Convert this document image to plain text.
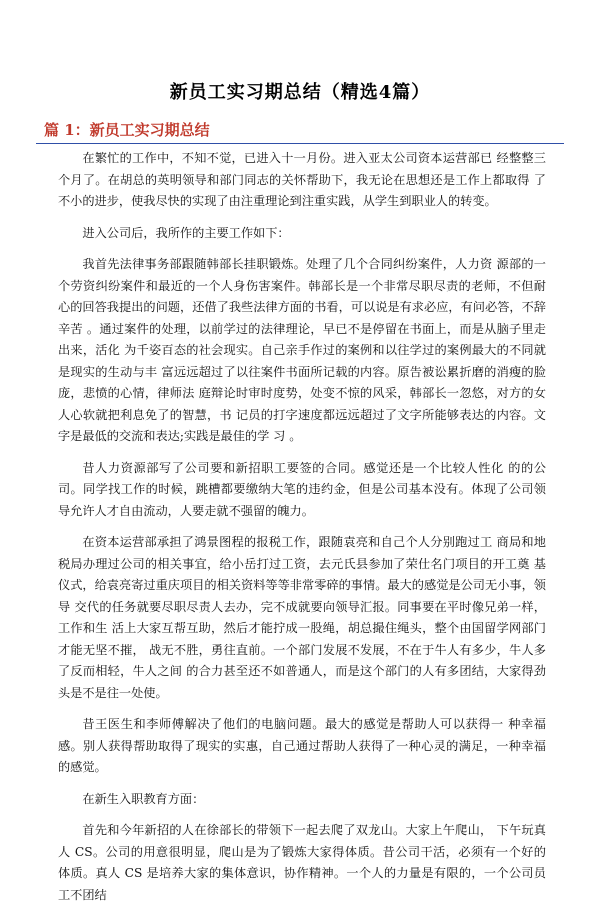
新员工实习期总结（精选4篇）
篇 1：新员工实习期总结

在繁忙的工作中，不知不觉，已进入十一月份。进入亚太公司资本运营部已 经整整三个月了。在胡总的英明领导和部门同志的关怀帮助下，我无论在思想还是工作上都取得 了不小的进步，使我尽快的实现了由注重理论到注重实践，从学生到职业人的转变。

进入公司后，我所作的主要工作如下：

我首先法律事务部跟随韩部长挂职锻炼。处理了几个合同纠纷案件，人力资 源部的一个劳资纠纷案件和最近的一个人身伤害案件。韩部长是一个非常尽职尽责的老师，不但耐 心的回答我提出的问题，还借了我些法律方面的书看，可以说是有求必应，有问必答，不辞辛苦 。通过案件的处理，以前学过的法律理论，早已不是停留在书面上，而是从脑子里走出来，活化 为千姿百态的社会现实。自己亲手作过的案例和以往学过的案例最大的不同就是现实的生动与丰 富远远超过了以往案件书面所记载的内容。原告被讼累折磨的消瘦的脸庞，悲愤的心情，律师法 庭辩论时审时度势，处变不惊的风采，韩部长一忽悠，对方的女人心软就把利息免了的智慧，书 记员的打字速度都远远超过了文字所能够表达的内容。文字是最低的交流和表达;实践是最佳的学 习 。

昔人力资源部写了公司要和新招职工要签的合同。感觉还是一个比较人性化 的的公司。同学找工作的时候，跳槽都要缴纳大笔的违约金，但是公司基本没有。体现了公司领 导允许人才自由流动，人要走就不强留的魄力。

在资本运营部承担了鸿景图程的报税工作，跟随袁亮和自己个人分别跑过工 商局和地税局办理过公司的相关事宜，给小岳打过工资，去元氏县参加了荣仕名门项目的开工奠 基仪式，给袁亮寄过重庆项目的相关资料等等非常零碎的事情。最大的感觉是公司无小事，领导 交代的任务就要尽职尽责人去办，完不成就要向领导汇报。同事要在平时像兄弟一样，工作和生 活上大家互帮互助，然后才能拧成一股绳，胡总撮住绳头，整个由国留学网部门才能无坚不摧， 战无不胜，勇往直前。一个部门发展不发展，不在于牛人有多少，牛人多了反而相轻，牛人之间 的合力甚至还不如普通人，而是这个部门的人有多团结，大家得劲头是不是往一处使。

昔王医生和李师傅解决了他们的电脑问题。最大的感觉是帮助人可以获得一 种幸福感。别人获得帮助取得了现实的实惠，自己通过帮助人获得了一种心灵的满足，一种幸福 的感觉。

在新生入职教育方面：

首先和今年新招的人在徐部长的带领下一起去爬了双龙山。大家上午爬山， 下午玩真人 CS。公司的用意很明显，爬山是为了锻炼大家得体质。昔公司干活，必须有一个好的 体质。真人 CS 是培养大家的集体意识，协作精神。一个人的力量是有限的，一个公司员工不团结
